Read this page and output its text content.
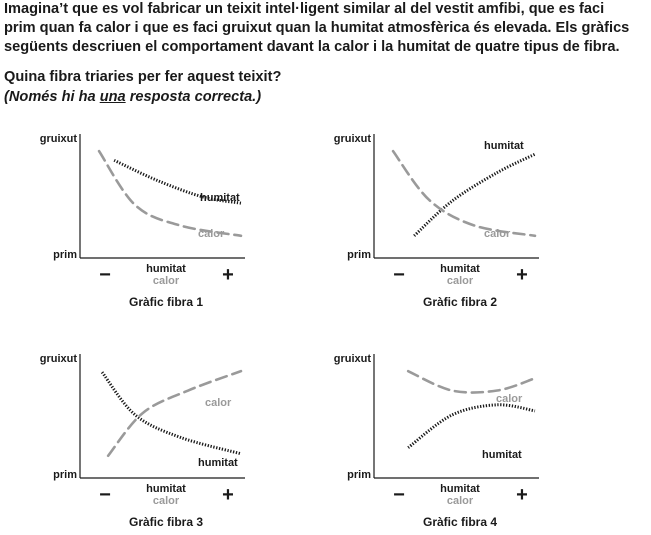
Imagina’t que es vol fabricar un teixit intel·ligent similar al del vestit amfibi, que es faci
prim quan fa calor i que es faci gruixut quan la humitat atmosfèrica és elevada. Els gràfics
següents descriuen el comportament davant la calor i la humitat de quatre tipus de fibra.
Quina fibra triaries per fer aquest teixit?
(Només hi ha una resposta correcta.)
gruixut
prim
−	+
humitat
calor
Gràfic fibra 1
humitat
calor
gruixut
prim
−	+
humitat
calor
Gràfic fibra 2
humitat
calor
gruixut
prim
−	+
humitat
calor
Gràfic fibra 3
humitat
calor
gruixut
prim
−	+
humitat
calor
Gràfic fibra 4
humitat
calor
